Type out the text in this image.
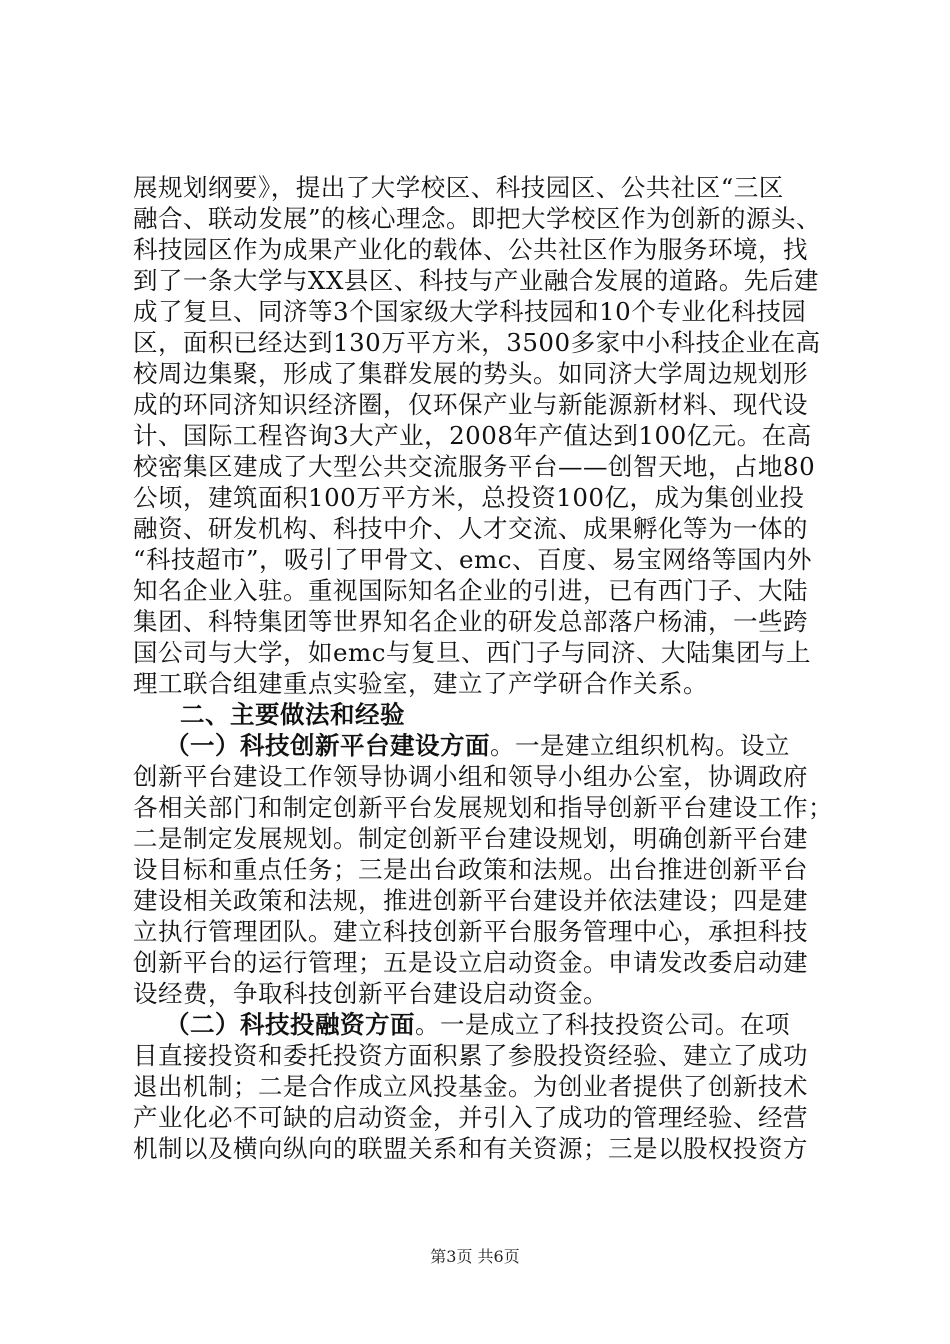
展规划纲要》，提出了大学校区、科技园区、公共社区“三区
融合、联动发展”的核心理念。即把大学校区作为创新的源头、
科技园区作为成果产业化的载体、公共社区作为服务环境，找
到了一条大学与XX县区、科技与产业融合发展的道路。先后建
成了复旦、同济等3个国家级大学科技园和10个专业化科技园
区，面积已经达到130万平方米，3500多家中小科技企业在高
校周边集聚，形成了集群发展的势头。如同济大学周边规划形
成的环同济知识经济圈，仅环保产业与新能源新材料、现代设
计、国际工程咨询3大产业，2008年产值达到100亿元。在高
校密集区建成了大型公共交流服务平台——创智天地，占地80
公顷，建筑面积100万平方米，总投资100亿，成为集创业投
融资、研发机构、科技中介、人才交流、成果孵化等为一体的
“科技超市”，吸引了甲骨文、emc、百度、易宝网络等国内外
知名企业入驻。重视国际知名企业的引进，已有西门子、大陆
集团、科特集团等世界知名企业的研发总部落户杨浦，一些跨
国公司与大学，如emc与复旦、西门子与同济、大陆集团与上
理工联合组建重点实验室，建立了产学研合作关系。
二、主要做法和经验
（一）科技创新平台建设方面。一是建立组织机构。设立
创新平台建设工作领导协调小组和领导小组办公室，协调政府
各相关部门和制定创新平台发展规划和指导创新平台建设工作；
二是制定发展规划。制定创新平台建设规划，明确创新平台建
设目标和重点任务；三是出台政策和法规。出台推进创新平台
建设相关政策和法规，推进创新平台建设并依法建设；四是建
立执行管理团队。建立科技创新平台服务管理中心，承担科技
创新平台的运行管理；五是设立启动资金。申请发改委启动建
设经费，争取科技创新平台建设启动资金。
（二）科技投融资方面。一是成立了科技投资公司。在项
目直接投资和委托投资方面积累了参股投资经验、建立了成功
退出机制；二是合作成立风投基金。为创业者提供了创新技术
产业化必不可缺的启动资金，并引入了成功的管理经验、经营
机制以及横向纵向的联盟关系和有关资源；三是以股权投资方
第3页 共6页
